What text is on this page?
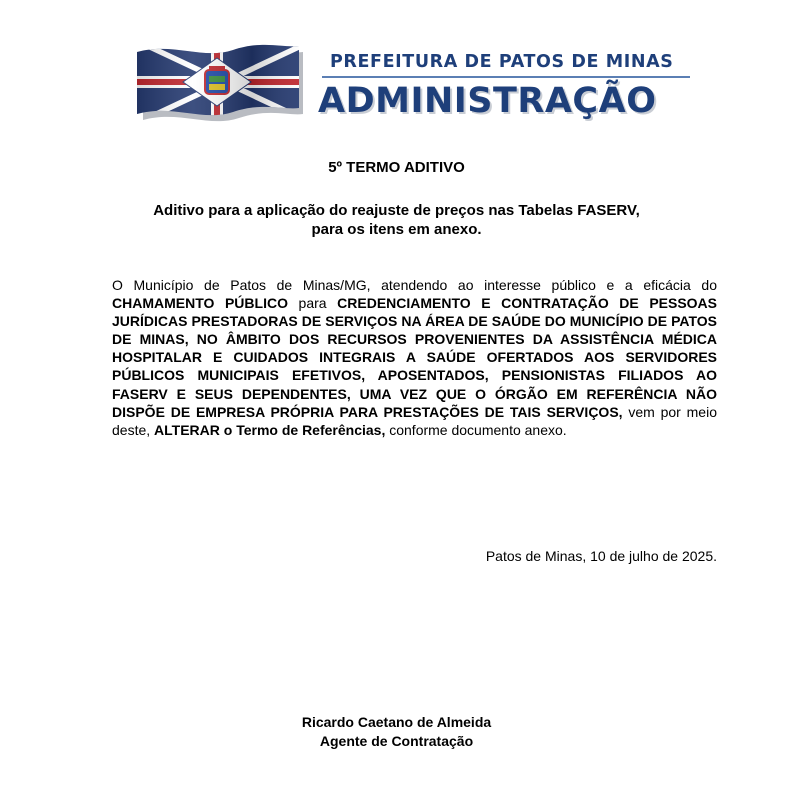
PREFEITURA DE PATOS DE MINAS
ADMINISTRAÇÃO
5º TERMO ADITIVO
Aditivo para a aplicação do reajuste de preços nas Tabelas FASERV,
para os itens em anexo.
O Município de Patos de Minas/MG, atendendo ao interesse público e a eficácia do CHAMAMENTO PÚBLICO para CREDENCIAMENTO E CONTRATAÇÃO DE PESSOAS JURÍDICAS PRESTADORAS DE SERVIÇOS NA ÁREA DE SAÚDE DO MUNICÍPIO DE PATOS DE MINAS, NO ÂMBITO DOS RECURSOS PROVENIENTES DA ASSISTÊNCIA MÉDICA HOSPITALAR E CUIDADOS INTEGRAIS A SAÚDE OFERTADOS AOS SERVIDORES PÚBLICOS MUNICIPAIS EFETIVOS, APOSENTADOS, PENSIONISTAS FILIADOS AO FASERV E SEUS DEPENDENTES, UMA VEZ QUE O ÓRGÃO EM REFERÊNCIA NÃO DISPÕE DE EMPRESA PRÓPRIA PARA PRESTAÇÕES DE TAIS SERVIÇOS, vem por meio deste, ALTERAR o Termo de Referências, conforme documento anexo.
Patos de Minas, 10 de julho de 2025.
Ricardo Caetano de Almeida
Agente de Contratação
